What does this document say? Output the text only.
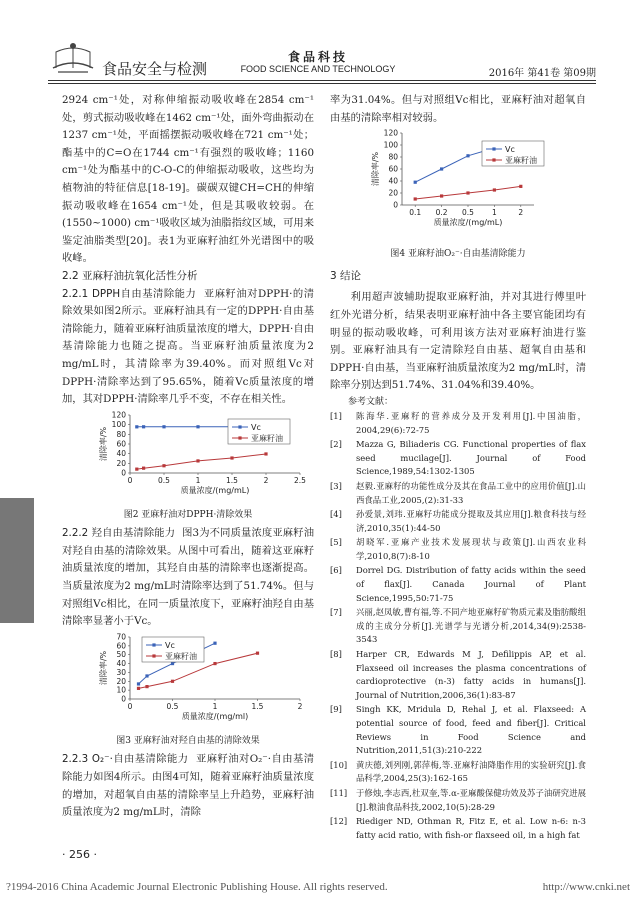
食品安全与检测
食品科技
FOOD SCIENCE AND TECHNOLOGY	2016年 第41卷 第09期

2924 cm⁻¹处，对称伸缩振动吸收峰在2854 cm⁻¹处，剪式振动吸收峰在1462 cm⁻¹处，面外弯曲振动在1237 cm⁻¹处，平面摇摆振动吸收峰在721 cm⁻¹处；酯基中的C=O在1744 cm⁻¹有强烈的吸收峰；1160 cm⁻¹处为酯基中的C-O-C的伸缩振动吸收，这些均为植物油的特征信息[18-19]。碳碳双键CH=CH的伸缩振动吸收峰在1654 cm⁻¹处，但是其吸收较弱。在(1550~1000) cm⁻¹吸收区域为油脂指纹区域，可用来鉴定油脂类型[20]。表1为亚麻籽油红外光谱图中的吸收峰。

2.2 亚麻籽油抗氧化活性分析

2.2.1 DPPH自由基清除能力 亚麻籽油对DPPH·的清除效果如图2所示。亚麻籽油具有一定的DPPH·自由基清除能力，随着亚麻籽油质量浓度的增大，DPPH·自由基清除能力也随之提高。当亚麻籽油质量浓度为2 mg/mL时，其清除率为39.40%。而对照组Vc对DPPH·清除率达到了95.65%，随着Vc质量浓度的增加，其对DPPH·清除率几乎不变，不存在相关性。

0
20
40
60
80
100
120
0	0.5	1	1.5	2	2.5
质量浓度/(mg/mL)
清除率/%	Vc
亚麻籽油
图2 亚麻籽油对DPPH·清除效果

2.2.2 羟自由基清除能力 图3为不同质量浓度亚麻籽油对羟自由基的清除效果。从图中可看出，随着这亚麻籽油质量浓度的增加，其羟自由基的清除率也逐渐提高。当质量浓度为2 mg/mL时清除率达到了51.74%。但与对照组Vc相比，在同一质量浓度下，亚麻籽油羟自由基清除率显著小于Vc。

0
10
20
30
40
50
60
70
0	0.5	1	1.5	2
质量浓度/(mg/ml)
清除率/%
Vc
亚麻籽油
图3 亚麻籽油对羟自由基的清除效果

2.2.3 O₂⁻·自由基清除能力 亚麻籽油对O₂⁻·自由基清除能力如图4所示。由图4可知，随着亚麻籽油质量浓度的增加，对超氧自由基的清除率呈上升趋势，亚麻籽油质量浓度为2 mg/mL时，清除

率为31.04%。但与对照组Vc相比，亚麻籽油对超氧自由基的清除率相对较弱。

0
20
40
60
80
100
120
0.1 0.2 0.5 1	2
质量浓度/(mg/mL)
清除率/%
Vc
亚麻籽油
图4 亚麻籽油O₂⁻·自由基清除能力

3 结论

利用超声波辅助提取亚麻籽油，并对其进行傅里叶红外光谱分析，结果表明亚麻籽油中各主要官能团均有明显的振动吸收峰，可利用该方法对亚麻籽油进行鉴别。亚麻籽油具有一定清除羟自由基、超氧自由基和DPPH·自由基，当亚麻籽油质量浓度为2 mg/mL时，清除率分别达到51.74%、31.04%和39.40%。

参考文献：

[1]	陈海华.亚麻籽的营养成分及开发利用[J].中国油脂，2004,29(6):72-75
[2]	Mazza G, Biliaderis CG. Functional properties of flax seed mucilage[J]. Journal of Food Science,1989,54:1302-1305
[3]	赵毅.亚麻籽的功能性成分及其在食品工业中的应用价值[J].山西食品工业,2005,(2):31-33
[4]	孙爱景,刘玮.亚麻籽功能成分提取及其应用[J].粮食科技与经济,2010,35(1):44-50
[5]	胡晓军.亚麻产业技术发展现状与政策[J].山西农业科学,2010,8(7):8-10
[6]	Dorrel DG. Distribution of fatty acids within the seed of flax[J]. Canada Journal of Plant Science,1995,50:71-75
[7]	兴丽,赵凤敏,曹有福,等.不同产地亚麻籽矿物质元素及脂肪酸组成的主成分分析[J].光谱学与光谱分析,2014,34(9):2538-3543
[8]	Harper CR, Edwards M J, Defilippis AP, et al. Flaxseed oil increases the plasma concentrations of cardioprotective (n-3) fatty acids in humans[J]. Journal of Nutrition,2006,36(1):83-87
[9]	Singh KK, Mridula D, Rehal J, et al. Flaxseed: A potential source of food, feed and fiber[J]. Critical Reviews in Food Science and Nutrition,2011,51(3):210-222
[10]	黄庆德,刘列刚,郭萍梅,等.亚麻籽油降脂作用的实验研究[J].食品科学,2004,25(3):162-165
[11]	于修烛,李志西,杜双奎,等.α-亚麻酸保健功效及苏子油研究进展[J].粮油食品科技,2002,10(5):28-29
[12]	Riediger ND, Othman R, Fitz E, et al. Low n-6: n-3 fatty acid ratio, with fish-or flaxseed oil, in a high fat
· 256 ·
?1994-2016 China Academic Journal Electronic Publishing House. All rights reserved.	http://www.cnki.net
